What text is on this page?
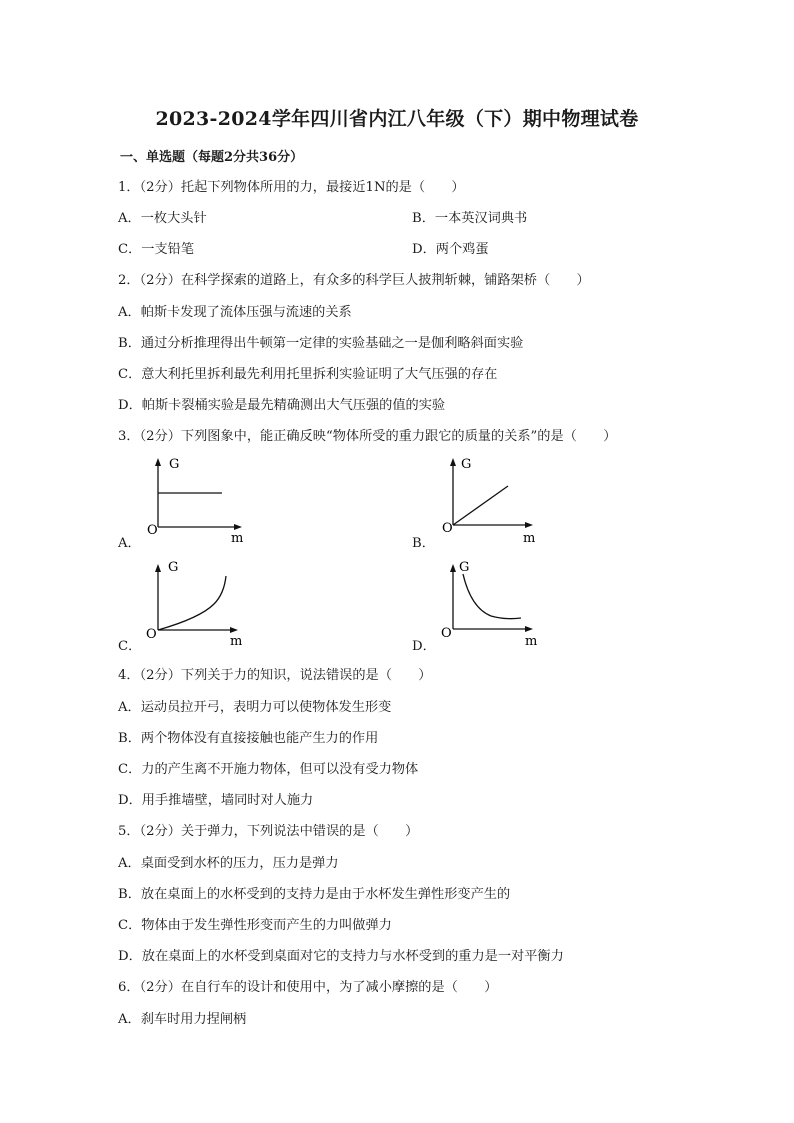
2023-2024学年四川省内江八年级（下）期中物理试卷
一、单选题（每题2分共36分）
1．（2分）托起下列物体所用的力，最接近1N的是（　　）
A．一枚大头针	B．一本英汉词典书
C．一支铅笔	D．两个鸡蛋
2．（2分）在科学探索的道路上，有众多的科学巨人披荆斩棘，铺路架桥（　　）
A．帕斯卡发现了流体压强与流速的关系
B．通过分析推理得出牛顿第一定律的实验基础之一是伽利略斜面实验
C．意大利托里拆利最先利用托里拆利实验证明了大气压强的存在
D．帕斯卡裂桶实验是最先精确测出大气压强的值的实验
3．（2分）下列图象中，能正确反映“物体所受的重力跟它的质量的关系”的是（　　）
A．
G
O
m	B．
G
O
m
C．
G
O	m	D．
G
O
m
4．（2分）下列关于力的知识，说法错误的是（　　）
A．运动员拉开弓，表明力可以使物体发生形变
B．两个物体没有直接接触也能产生力的作用
C．力的产生离不开施力物体，但可以没有受力物体
D．用手推墙壁，墙同时对人施力
5．（2分）关于弹力，下列说法中错误的是（　　）
A．桌面受到水杯的压力，压力是弹力
B．放在桌面上的水杯受到的支持力是由于水杯发生弹性形变产生的
C．物体由于发生弹性形变而产生的力叫做弹力
D．放在桌面上的水杯受到桌面对它的支持力与水杯受到的重力是一对平衡力
6．（2分）在自行车的设计和使用中，为了减小摩擦的是（　　）
A．刹车时用力捏闸柄
